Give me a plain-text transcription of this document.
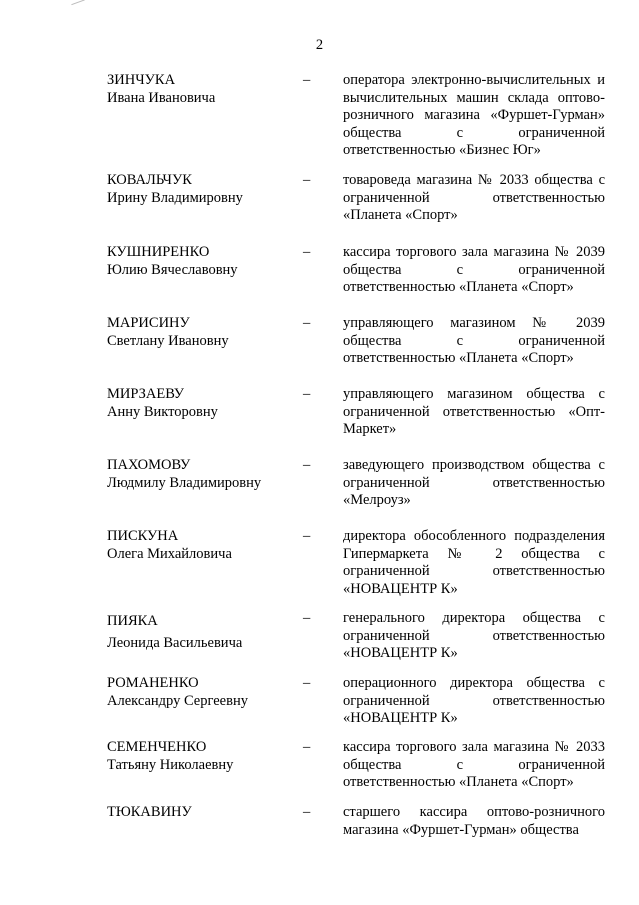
2
ЗИНЧУКА
Ивана Ивановича
– оператора электронно-вычислительных и вычислительных машин склада оптово-розничного магазина «Фуршет-Гурман» общества с ограниченной ответственностью «Бизнес Юг»
КОВАЛЬЧУК
Ирину Владимировну
– товароведа магазина № 2033 общества с ограниченной ответственностью «Планета «Спорт»
КУШНИРЕНКО
Юлию Вячеславовну
– кассира торгового зала магазина № 2039 общества с ограниченной ответственностью «Планета «Спорт»
МАРИСИНУ
Светлану Ивановну
– управляющего магазином № 2039 общества с ограниченной ответственностью «Планета «Спорт»
МИРЗАЕВУ
Анну Викторовну
– управляющего магазином общества с ограниченной ответственностью «Опт-Маркет»
ПАХОМОВУ
Людмилу Владимировну
– заведующего производством общества с ограниченной ответственностью «Мелроуз»
ПИСКУНА
Олега Михайловича
– директора обособленного подразделения Гипермаркета № 2 общества с ограниченной ответственностью «НОВАЦЕНТР К»
ПИЯКА
Леонида Васильевича
– генерального директора общества с ограниченной ответственностью «НОВАЦЕНТР К»
РОМАНЕНКО
Александру Сергеевну
– операционного директора общества с ограниченной ответственностью «НОВАЦЕНТР К»
СЕМЕНЧЕНКО
Татьяну Николаевну
– кассира торгового зала магазина № 2033 общества с ограниченной ответственностью «Планета «Спорт»
ТЮКАВИНУ	– старшего кассира оптово-розничного магазина «Фуршет-Гурман» общества
